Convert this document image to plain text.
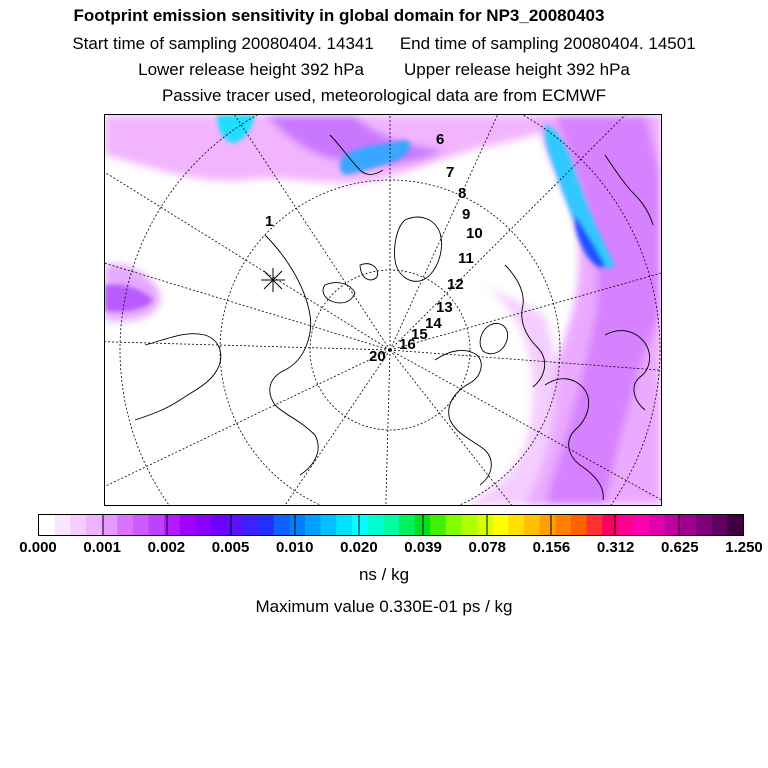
Footprint emission sensitivity in global domain for NP3_20080403
Start time of sampling 20080404. 14341 End time of sampling 20080404. 14501
Lower release height 392 hPa Upper release height 392 hPa
Passive tracer used, meteorological data are from ECMWF
1
6
7
8
9
10
11
12
13
14
15
16
20
0.000 0.001 0.002 0.005 0.010 0.020 0.039 0.078 0.156 0.312 0.625 1.250
ns / kg
Maximum value 0.330E-01 ps / kg
